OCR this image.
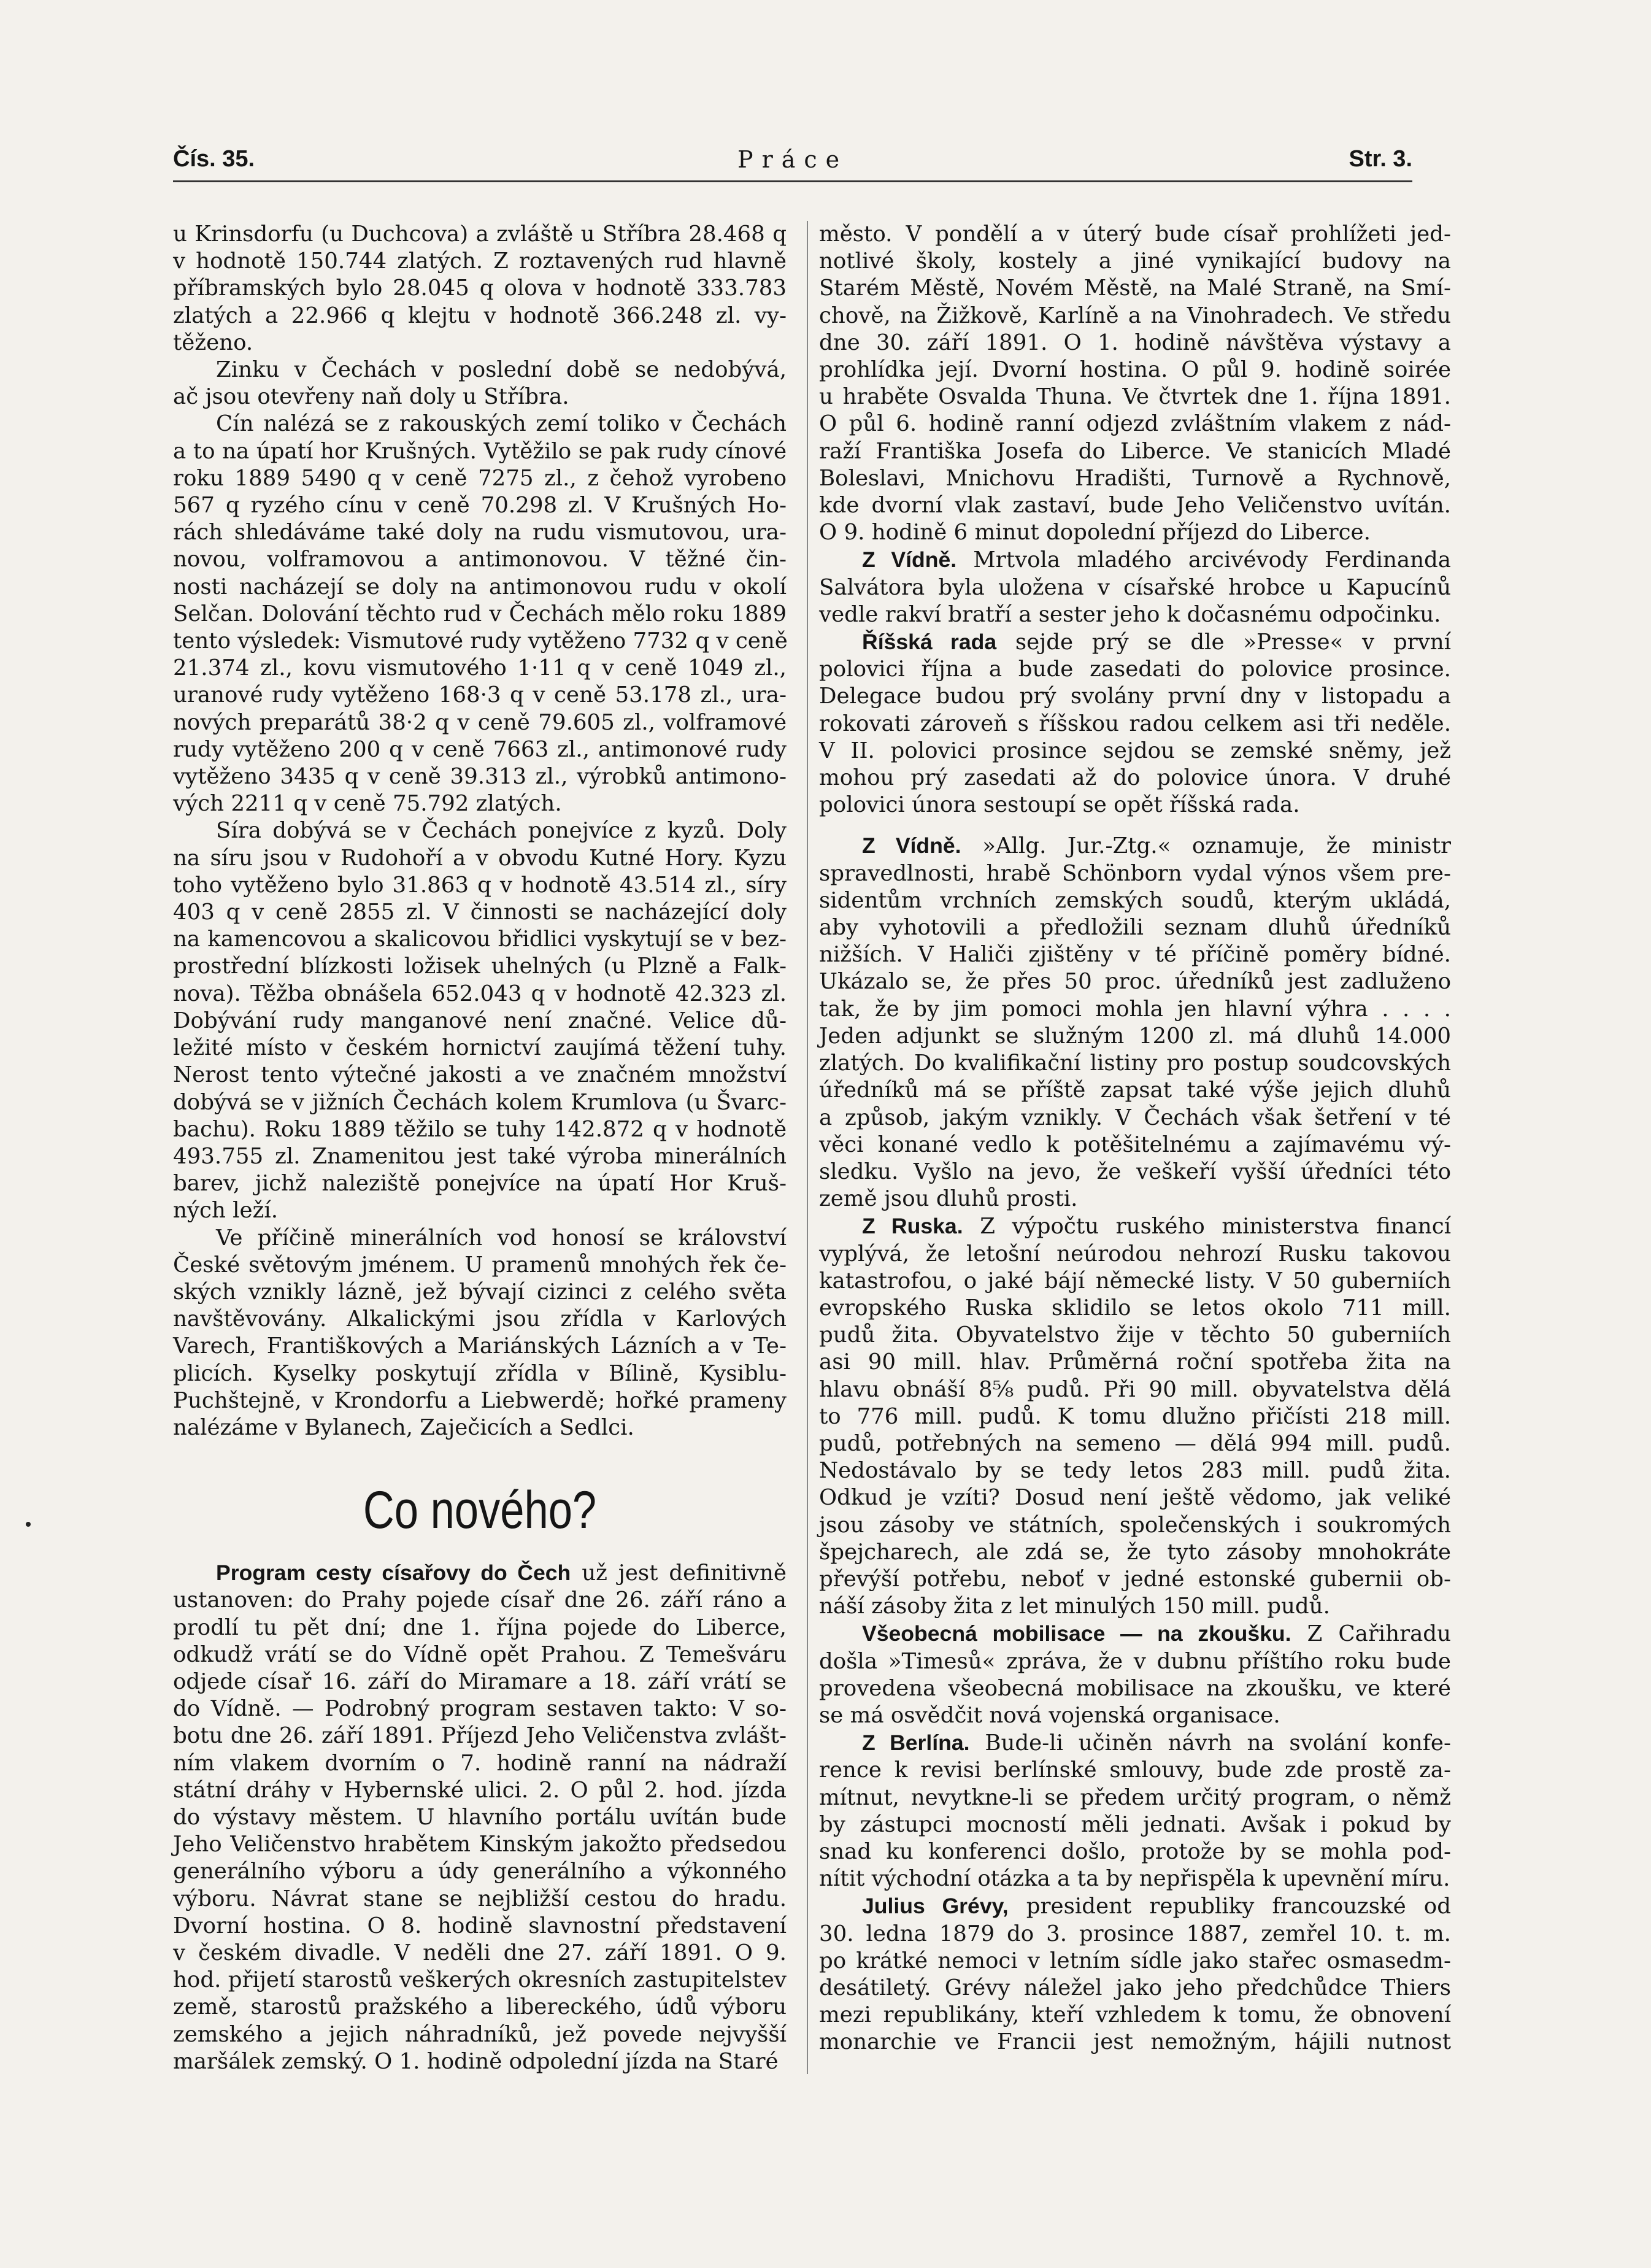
Čís. 35.	Práce	Str. 3.
u Krinsdorfu (u Duchcova) a zvláště u Stříbra 28.468 q
v hodnotě 150.744 zlatých. Z roztavených rud hlavně
příbramských bylo 28.045 q olova v hodnotě 333.783
zlatých a 22.966 q klejtu v hodnotě 366.248 zl. vy-
těženo.
Zinku v Čechách v poslední době se nedobývá,
ač jsou otevřeny naň doly u Stříbra.
Cín nalézá se z rakouských zemí toliko v Čechách
a to na úpatí hor Krušných. Vytěžilo se pak rudy cínové
roku 1889 5490 q v ceně 7275 zl., z čehož vyrobeno
567 q ryzého cínu v ceně 70.298 zl. V Krušných Ho-
rách shledáváme také doly na rudu vismutovou, ura-
novou, volframovou a antimonovou. V těžné čin-
nosti nacházejí se doly na antimonovou rudu v okolí
Selčan. Dolování těchto rud v Čechách mělo roku 1889
tento výsledek: Vismutové rudy vytěženo 7732 q v ceně
21.374 zl., kovu vismutového 1·11 q v ceně 1049 zl.,
uranové rudy vytěženo 168·3 q v ceně 53.178 zl., ura-
nových preparátů 38·2 q v ceně 79.605 zl., volframové
rudy vytěženo 200 q v ceně 7663 zl., antimonové rudy
vytěženo 3435 q v ceně 39.313 zl., výrobků antimono-
vých 2211 q v ceně 75.792 zlatých.
Síra dobývá se v Čechách ponejvíce z kyzů. Doly
na síru jsou v Rudohoří a v obvodu Kutné Hory. Kyzu
toho vytěženo bylo 31.863 q v hodnotě 43.514 zl., síry
403 q v ceně 2855 zl. V činnosti se nacházející doly
na kamencovou a skalicovou břidlici vyskytují se v bez-
prostřední blízkosti ložisek uhelných (u Plzně a Falk-
nova). Těžba obnášela 652.043 q v hodnotě 42.323 zl.
Dobývání rudy manganové není značné. Velice dů-
ležité místo v českém hornictví zaujímá těžení tuhy.
Nerost tento výtečné jakosti a ve značném množství
dobývá se v jižních Čechách kolem Krumlova (u Švarc-
bachu). Roku 1889 těžilo se tuhy 142.872 q v hodnotě
493.755 zl. Znamenitou jest také výroba minerálních
barev, jichž naleziště ponejvíce na úpatí Hor Kruš-
ných leží.
Ve příčině minerálních vod honosí se království
České světovým jménem. U pramenů mnohých řek če-
ských vznikly lázně, jež bývají cizinci z celého světa
navštěvovány. Alkalickými jsou zřídla v Karlových
Varech, Františkových a Mariánských Lázních a v Te-
plicích. Kyselky poskytují zřídla v Bílině, Kysiblu-
Puchštejně, v Krondorfu a Liebwerdě; hořké prameny
nalézáme v Bylanech, Zaječicích a Sedlci.
Co nového?
Program cesty císařovy do Čech už jest definitivně
ustanoven: do Prahy pojede císař dne 26. září ráno a
prodlí tu pět dní; dne 1. října pojede do Liberce,
odkudž vrátí se do Vídně opět Prahou. Z Temešváru
odjede císař 16. září do Miramare a 18. září vrátí se
do Vídně. — Podrobný program sestaven takto: V so-
botu dne 26. září 1891. Příjezd Jeho Veličenstva zvlášt-
ním vlakem dvorním o 7. hodině ranní na nádraží
státní dráhy v Hybernské ulici. 2. O půl 2. hod. jízda
do výstavy městem. U hlavního portálu uvítán bude
Jeho Veličenstvo hrabětem Kinským jakožto předsedou
generálního výboru a údy generálního a výkonného
výboru. Návrat stane se nejbližší cestou do hradu.
Dvorní hostina. O 8. hodině slavnostní představení
v českém divadle. V neděli dne 27. září 1891. O 9.
hod. přijetí starostů veškerých okresních zastupitelstev
země, starostů pražského a libereckého, údů výboru
zemského a jejich náhradníků, jež povede nejvyšší
maršálek zemský. O 1. hodině odpolední jízda na Staré
město. V pondělí a v úterý bude císař prohlížeti jed-
notlivé školy, kostely a jiné vynikající budovy na
Starém Městě, Novém Městě, na Malé Straně, na Smí-
chově, na Žižkově, Karlíně a na Vinohradech. Ve středu
dne 30. září 1891. O 1. hodině návštěva výstavy a
prohlídka její. Dvorní hostina. O půl 9. hodině soirée
u hraběte Osvalda Thuna. Ve čtvrtek dne 1. října 1891.
O půl 6. hodině ranní odjezd zvláštním vlakem z nád-
raží Františka Josefa do Liberce. Ve stanicích Mladé
Boleslavi, Mnichovu Hradišti, Turnově a Rychnově,
kde dvorní vlak zastaví, bude Jeho Veličenstvo uvítán.
O 9. hodině 6 minut dopolední příjezd do Liberce.
Z Vídně. Mrtvola mladého arcivévody Ferdinanda
Salvátora byla uložena v císařské hrobce u Kapucínů
vedle rakví bratří a sester jeho k dočasnému odpočinku.
Říšská rada sejde prý se dle »Presse« v první
polovici října a bude zasedati do polovice prosince.
Delegace budou prý svolány první dny v listopadu a
rokovati zároveň s říšskou radou celkem asi tři neděle.
V II. polovici prosince sejdou se zemské sněmy, jež
mohou prý zasedati až do polovice února. V druhé
polovici února sestoupí se opět říšská rada.
Z Vídně. »Allg. Jur.-Ztg.« oznamuje, že ministr
spravedlnosti, hrabě Schönborn vydal výnos všem pre-
sidentům vrchních zemských soudů, kterým ukládá,
aby vyhotovili a předložili seznam dluhů úředníků
nižších. V Haliči zjištěny v té příčině poměry bídné.
Ukázalo se, že přes 50 proc. úředníků jest zadluženo
tak, že by jim pomoci mohla jen hlavní výhra . . . .
Jeden adjunkt se služným 1200 zl. má dluhů 14.000
zlatých. Do kvalifikační listiny pro postup soudcovských
úředníků má se příště zapsat také výše jejich dluhů
a způsob, jakým vznikly. V Čechách však šetření v té
věci konané vedlo k potěšitelnému a zajímavému vý-
sledku. Vyšlo na jevo, že veškeří vyšší úředníci této
země jsou dluhů prosti.
Z Ruska. Z výpočtu ruského ministerstva financí
vyplývá, že letošní neúrodou nehrozí Rusku takovou
katastrofou, o jaké bájí německé listy. V 50 guberniích
evropského Ruska sklidilo se letos okolo 711 mill.
pudů žita. Obyvatelstvo žije v těchto 50 guberniích
asi 90 mill. hlav. Průměrná roční spotřeba žita na
hlavu obnáší 8⅝ pudů. Při 90 mill. obyvatelstva dělá
to 776 mill. pudů. K tomu dlužno přičísti 218 mill.
pudů, potřebných na semeno — dělá 994 mill. pudů.
Nedostávalo by se tedy letos 283 mill. pudů žita.
Odkud je vzíti? Dosud není ještě vědomo, jak veliké
jsou zásoby ve státních, společenských i soukromých
špejcharech, ale zdá se, že tyto zásoby mnohokráte
převýší potřebu, neboť v jedné estonské gubernii ob-
náší zásoby žita z let minulých 150 mill. pudů.
Všeobecná mobilisace — na zkoušku. Z Cařihradu
došla »Timesů« zpráva, že v dubnu příštího roku bude
provedena všeobecná mobilisace na zkoušku, ve které
se má osvědčit nová vojenská organisace.
Z Berlína. Bude-li učiněn návrh na svolání konfe-
rence k revisi berlínské smlouvy, bude zde prostě za-
mítnut, nevytkne-li se předem určitý program, o němž
by zástupci mocností měli jednati. Avšak i pokud by
snad ku konferenci došlo, protože by se mohla pod-
nítit východní otázka a ta by nepřispěla k upevnění míru.
Julius Grévy, president republiky francouzské od
30. ledna 1879 do 3. prosince 1887, zemřel 10. t. m.
po krátké nemoci v letním sídle jako stařec osmasedm-
desátiletý. Grévy náležel jako jeho předchůdce Thiers
mezi republikány, kteří vzhledem k tomu, že obnovení
monarchie ve Francii jest nemožným, hájili nutnost
